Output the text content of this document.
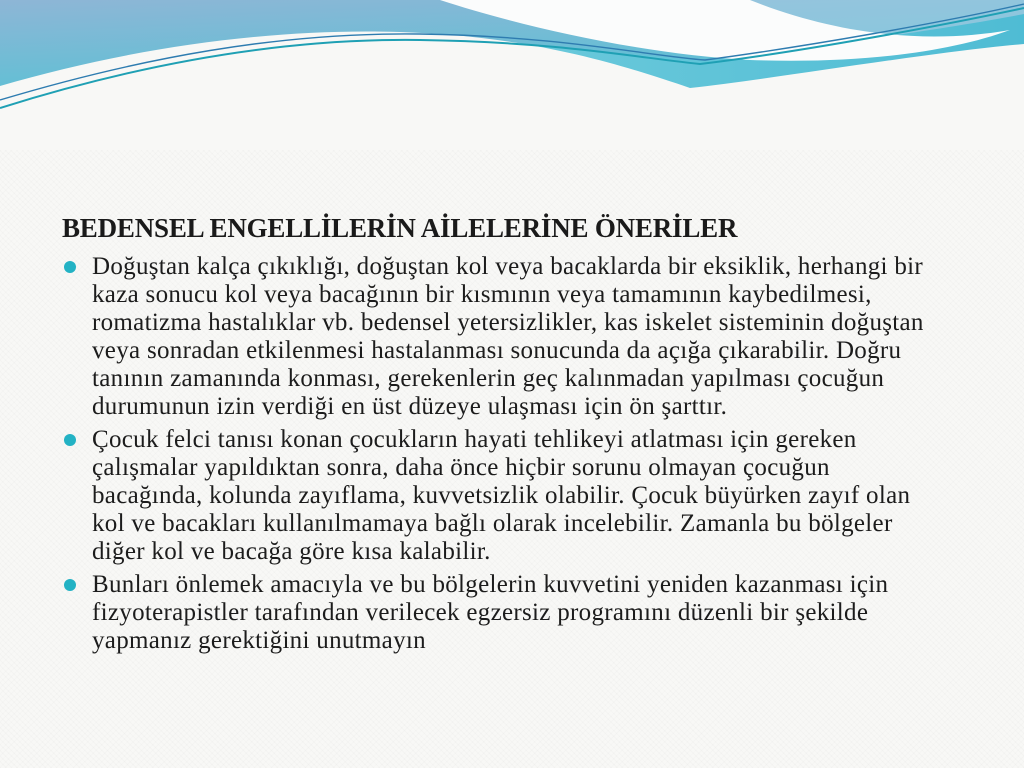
BEDENSEL ENGELLİLERİN AİLELERİNE ÖNERİLER
Doğuştan kalça çıkıklığı, doğuştan kol veya bacaklarda bir eksiklik, herhangi bir kaza sonucu kol veya bacağının bir kısmının veya tamamının kaybedilmesi, romatizma hastalıklar vb. bedensel yetersizlikler, kas iskelet sisteminin doğuştan veya sonradan etkilenmesi hastalanması sonucunda da açığa çıkarabilir. Doğru tanının zamanında konması, gerekenlerin geç kalınmadan yapılması çocuğun durumunun izin verdiği en üst düzeye ulaşması için ön şarttır.
Çocuk felci tanısı konan çocukların hayati tehlikeyi atlatması için gereken çalışmalar yapıldıktan sonra, daha önce hiçbir sorunu olmayan çocuğun bacağında, kolunda zayıflama, kuvvetsizlik olabilir. Çocuk büyürken zayıf olan kol ve bacakları kullanılmamaya bağlı olarak incelebilir. Zamanla bu bölgeler diğer kol ve bacağa göre kısa kalabilir.
Bunları önlemek amacıyla ve bu bölgelerin kuvvetini yeniden kazanması için fizyoterapistler tarafından verilecek egzersiz programını düzenli bir şekilde yapmanız gerektiğini unutmayın
